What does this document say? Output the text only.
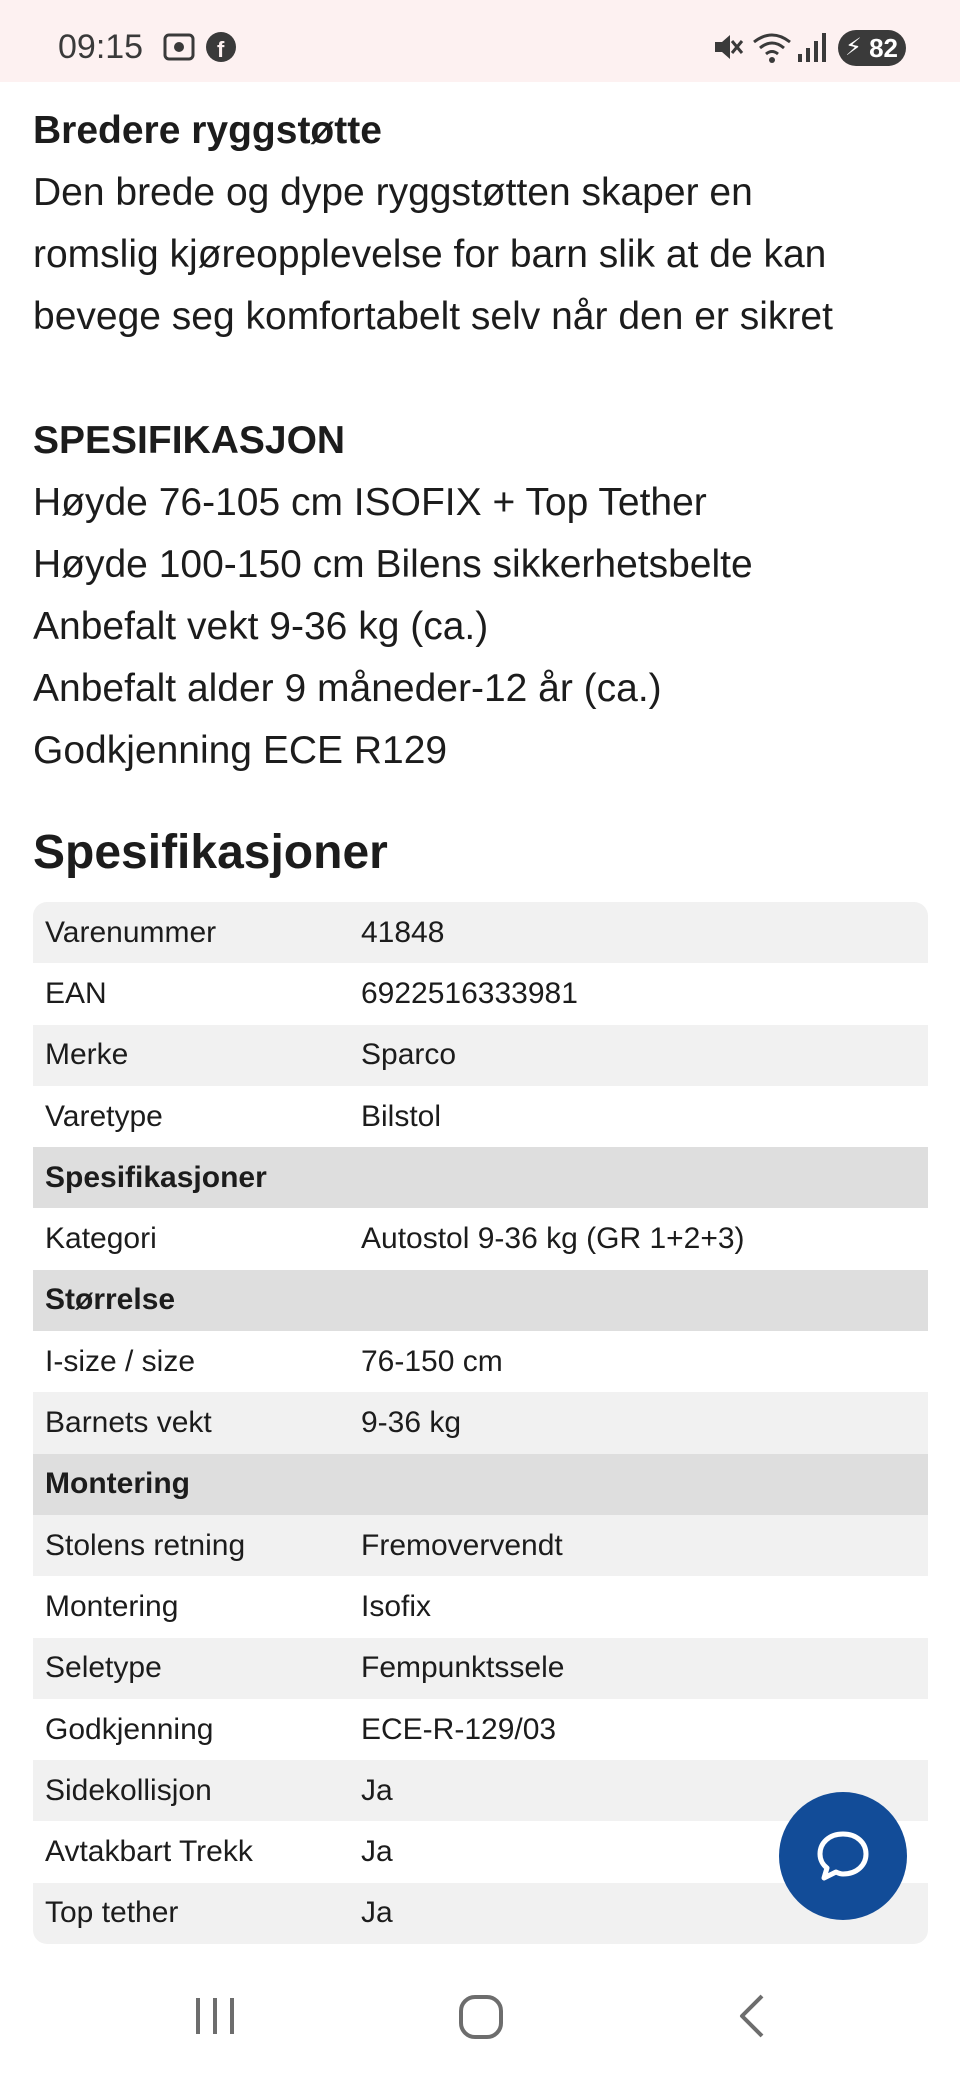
09:15	f	⚡ 82
Bredere ryggstøtte

Den brede og dype ryggstøtten skaper en
romslig kjøreopplevelse for barn slik at de kan
bevege seg komfortabelt selv når den er sikret

SPESIFIKASJON
Høyde 76-105 cm ISOFIX + Top Tether
Høyde 100-150 cm Bilens sikkerhetsbelte
Anbefalt vekt 9-36 kg (ca.)
Anbefalt alder 9 måneder-12 år (ca.)
Godkjenning ECE R129
Spesifikasjoner
Varenummer	41848
EAN	6922516333981
Merke	Sparco
Varetype	Bilstol
Spesifikasjoner
Kategori	Autostol 9-36 kg (GR 1+2+3)
Størrelse
I-size / size	76-150 cm
Barnets vekt	9-36 kg
Montering
Stolens retning	Fremovervendt
Montering	Isofix
Seletype	Fempunktssele
Godkjenning	ECE-R-129/03
Sidekollisjon	Ja
Avtakbart Trekk	Ja
Top tether	Ja
